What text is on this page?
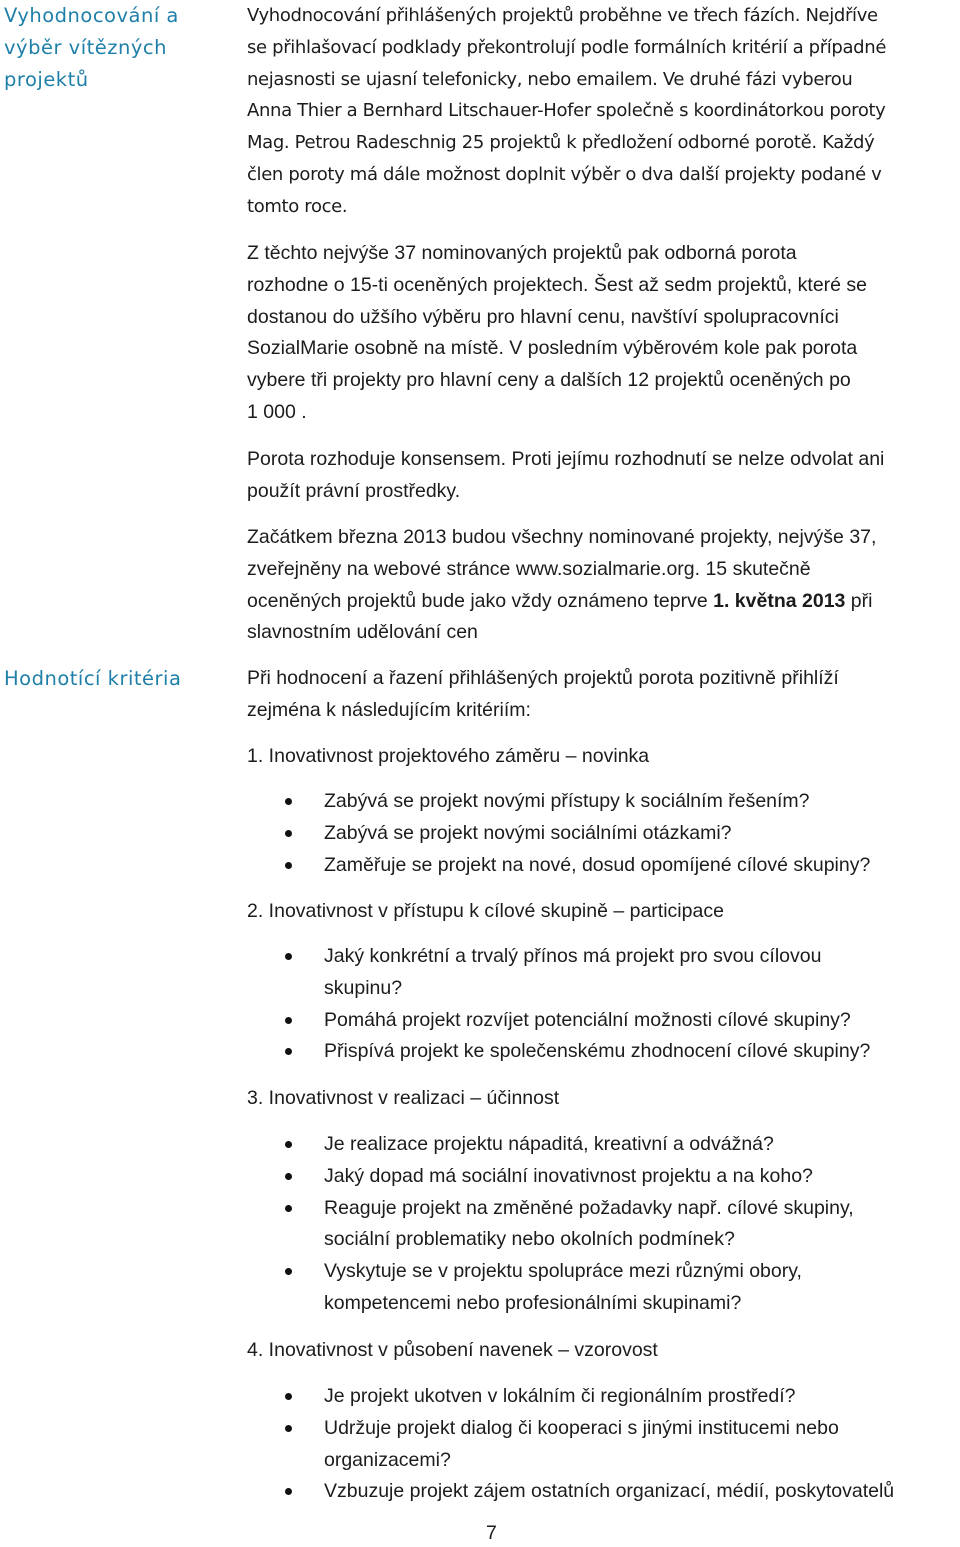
Vyhodnocování a
výběr vítězných
projektů

Vyhodnocování přihlášených projektů proběhne ve třech fázích. Nejdříve

se přihlašovací podklady překontrolují podle formálních kritérií a případné

nejasnosti se ujasní telefonicky, nebo emailem. Ve druhé fázi vyberou

Anna Thier a Bernhard Litschauer-Hofer společně s koordinátorkou poroty

Mag. Petrou Radeschnig 25 projektů k předložení odborné porotě. Každý

člen poroty má dále možnost doplnit výběr o dva další projekty podané v

tomto roce.

Z těchto nejvýše 37 nominovaných projektů pak odborná porota

rozhodne o 15-ti oceněných projektech. Šest až sedm projektů, které se

dostanou do užšího výběru pro hlavní cenu, navštíví spolupracovníci

SozialMarie osobně na místě. V posledním výběrovém kole pak porota

vybere tři projekty pro hlavní ceny a dalších 12 projektů oceněných po

1 000 .

Porota rozhoduje konsensem. Proti jejímu rozhodnutí se nelze odvolat ani

použít právní prostředky.

Začátkem března 2013 budou všechny nominované projekty, nejvýše 37,

zveřejněny na webové stránce www.sozialmarie.org. 15 skutečně

oceněných projektů bude jako vždy oznámeno teprve 1. května 2013 při

slavnostním udělování cen

Hodnotící kritéria	Při hodnocení a řazení přihlášených projektů porota pozitivně přihlíží

zejména k následujícím kritériím:

1. Inovativnost projektového záměru – novinka

Zabývá se projekt novými přístupy k sociálním řešením?
Zabývá se projekt novými sociálními otázkami?
Zaměřuje se projekt na nové, dosud opomíjené cílové skupiny?

2. Inovativnost v přístupu k cílové skupině – participace

Jaký konkrétní a trvalý přínos má projekt pro svou cílovou
skupinu?
Pomáhá projekt rozvíjet potenciální možnosti cílové skupiny?
Přispívá projekt ke společenskému zhodnocení cílové skupiny?

3. Inovativnost v realizaci – účinnost

Je realizace projektu nápaditá, kreativní a odvážná?
Jaký dopad má sociální inovativnost projektu a na koho?
Reaguje projekt na změněné požadavky např. cílové skupiny,
sociální problematiky nebo okolních podmínek?
Vyskytuje se v projektu spolupráce mezi různými obory,
kompetencemi nebo profesionálními skupinami?

4. Inovativnost v působení navenek – vzorovost

Je projekt ukotven v lokálním či regionálním prostředí?
Udržuje projekt dialog či kooperaci s jinými institucemi nebo
organizacemi?
Vzbuzuje projekt zájem ostatních organizací, médií, poskytovatelů
7
